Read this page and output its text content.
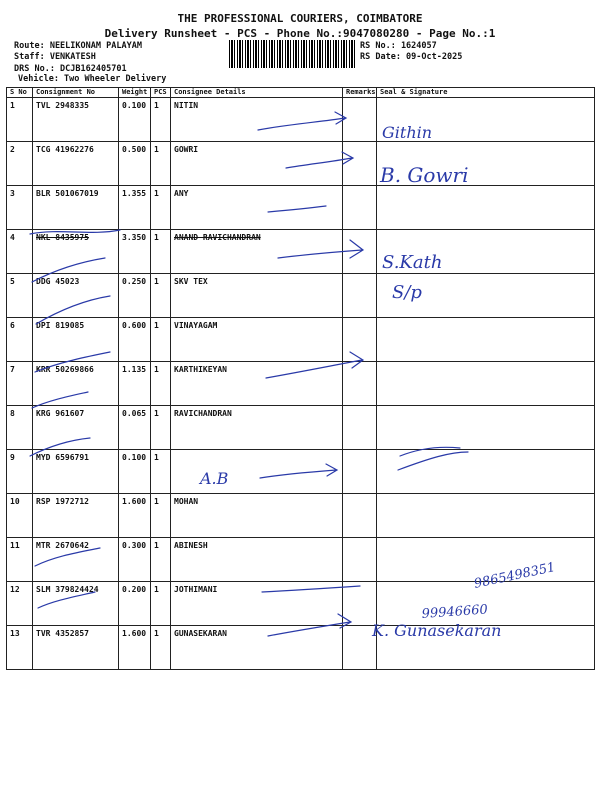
THE PROFESSIONAL COURIERS, COIMBATORE
Delivery Runsheet - PCS - Phone No.:9047080280 - Page No.:1
Route: NEELIKONAM PALAYAM
Staff: VENKATESH
DRS No.: DCJB162405701
Vehicle: Two Wheeler Delivery
RS No.: 1624057
RS Date: 09-Oct-2025
S No	Consignment No	Weight	PCS	Consignee Details	Remarks	Seal & Signature
1	TVL 2948335	0.100	1	NITIN		
2	TCG 41962276	0.500	1	GOWRI		
3	BLR 501067019	1.355	1	ANY		
4	NKL 8435975	3.350	1	ANAND RAVICHANDRAN		
5	DDG 45023	0.250	1	SKV TEX		
6	DPI 819085	0.600	1	VINAYAGAM		
7	KRR 50269866	1.135	1	KARTHIKEYAN		
8	KRG 961607	0.065	1	RAVICHANDRAN		
9	MYD 6596791	0.100	1			
10	RSP 1972712	1.600	1	MOHAN		
11	MTR 2670642	0.300	1	ABINESH		
12	SLM 379824424	0.200	1	JOTHIMANI		
13	TVR 4352857	1.600	1	GUNASEKARAN		
Githin
B. Gowri
S.Kath
S/p
A.B
K. Gunasekaran
9865498351
99946660
